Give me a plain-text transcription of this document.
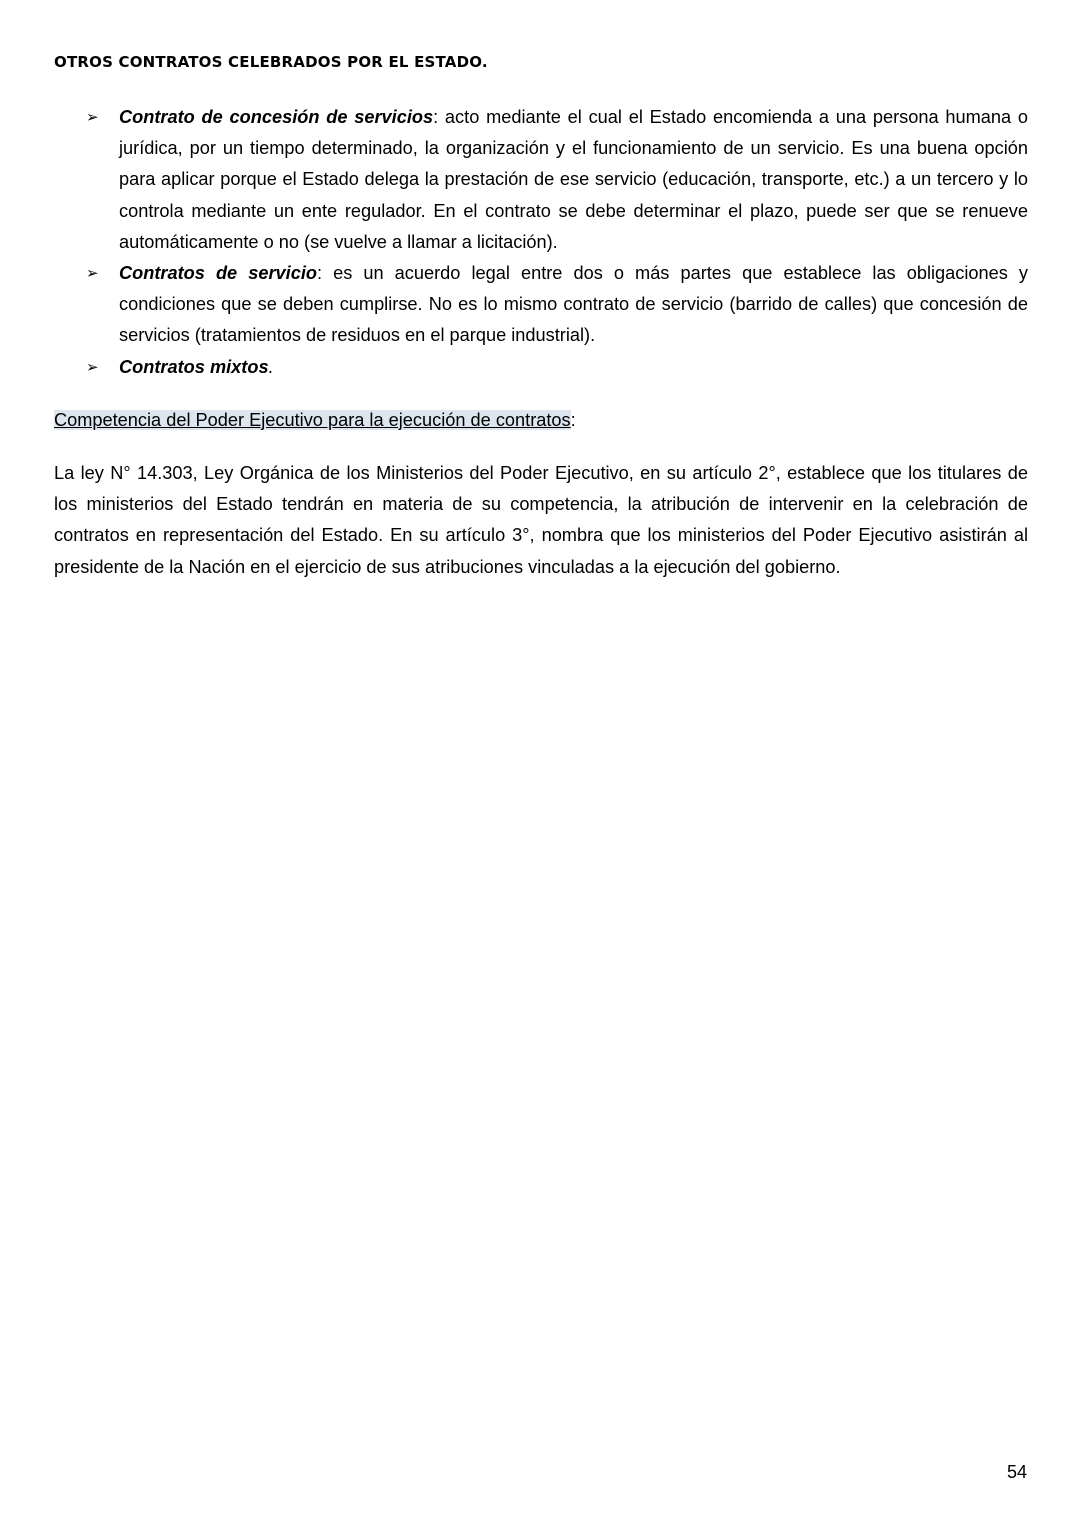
OTROS CONTRATOS CELEBRADOS POR EL ESTADO.
➢ Contrato de concesión de servicios: acto mediante el cual el Estado encomienda a una persona humana o jurídica, por un tiempo determinado, la organización y el funcionamiento de un servicio. Es una buena opción para aplicar porque el Estado delega la prestación de ese servicio (educación, transporte, etc.) a un tercero y lo controla mediante un ente regulador. En el contrato se debe determinar el plazo, puede ser que se renueve automáticamente o no (se vuelve a llamar a licitación).
➢ Contratos de servicio: es un acuerdo legal entre dos o más partes que establece las obligaciones y condiciones que se deben cumplirse. No es lo mismo contrato de servicio (barrido de calles) que concesión de servicios (tratamientos de residuos en el parque industrial).
➢ Contratos mixtos.
Competencia del Poder Ejecutivo para la ejecución de contratos:

La ley N° 14.303, Ley Orgánica de los Ministerios del Poder Ejecutivo, en su artículo 2°, establece que los titulares de los ministerios del Estado tendrán en materia de su competencia, la atribución de intervenir en la celebración de contratos en representación del Estado. En su artículo 3°, nombra que los ministerios del Poder Ejecutivo asistirán al presidente de la Nación en el ejercicio de sus atribuciones vinculadas a la ejecución del gobierno.

54
